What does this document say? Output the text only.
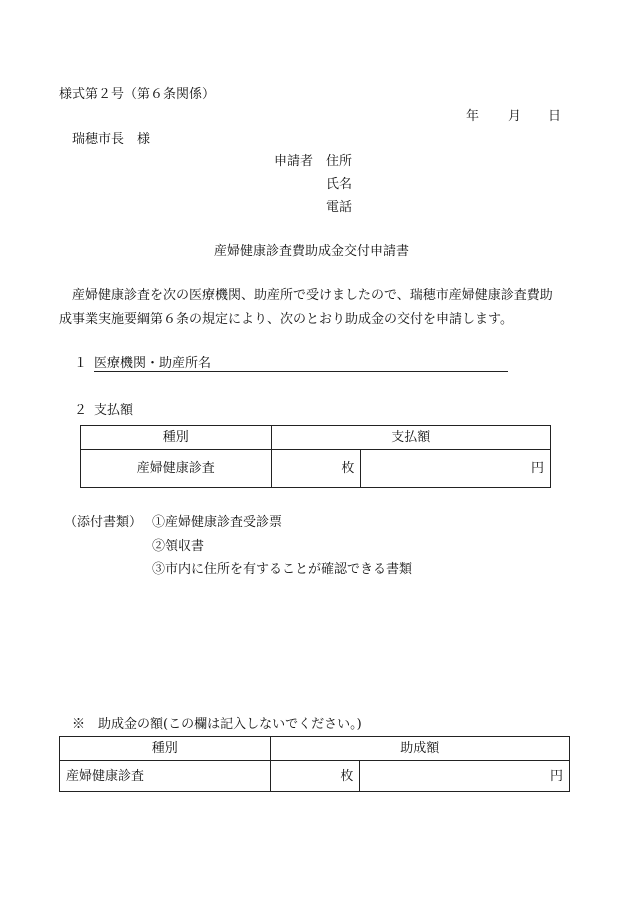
様式第２号（第６条関係）
年 月 日
瑞穂市長　様
申請者 住所
氏名
電話
産婦健康診査費助成金交付申請書
産婦健康診査を次の医療機関、助産所で受けましたので、瑞穂市産婦健康診査費助
成事業実施要綱第６条の規定により、次のとおり助成金の交付を申請します。
１ 医療機関・助産所名
２ 支払額
種別	支払額	
産婦健康診査	枚	円
（添付書類） ①産婦健康診査受診票
②領収書
③市内に住所を有することが確認できる書類
※　助成金の額(この欄は記入しないでください。)
種別	助成額	
産婦健康診査	枚	円
